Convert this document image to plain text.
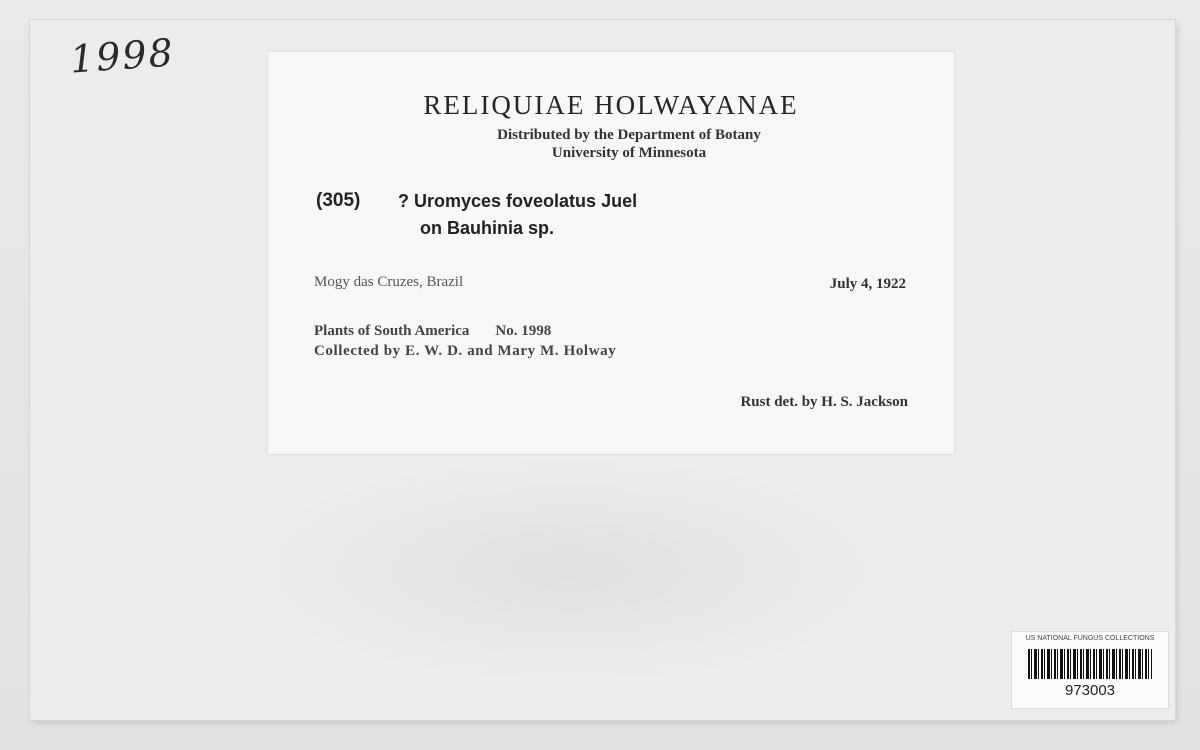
1998
RELIQUIAE HOLWAYANAE
Distributed by the Department of Botany
University of Minnesota
(305) ? Uromyces foveolatus Juel
on Bauhinia sp.
Mogy das Cruzes, Brazil	July 4, 1922
Plants of South America No. 1998
Collected by E. W. D. and Mary M. Holway
Rust det. by H. S. Jackson
US NATIONAL FUNGUS COLLECTIONS
973003
